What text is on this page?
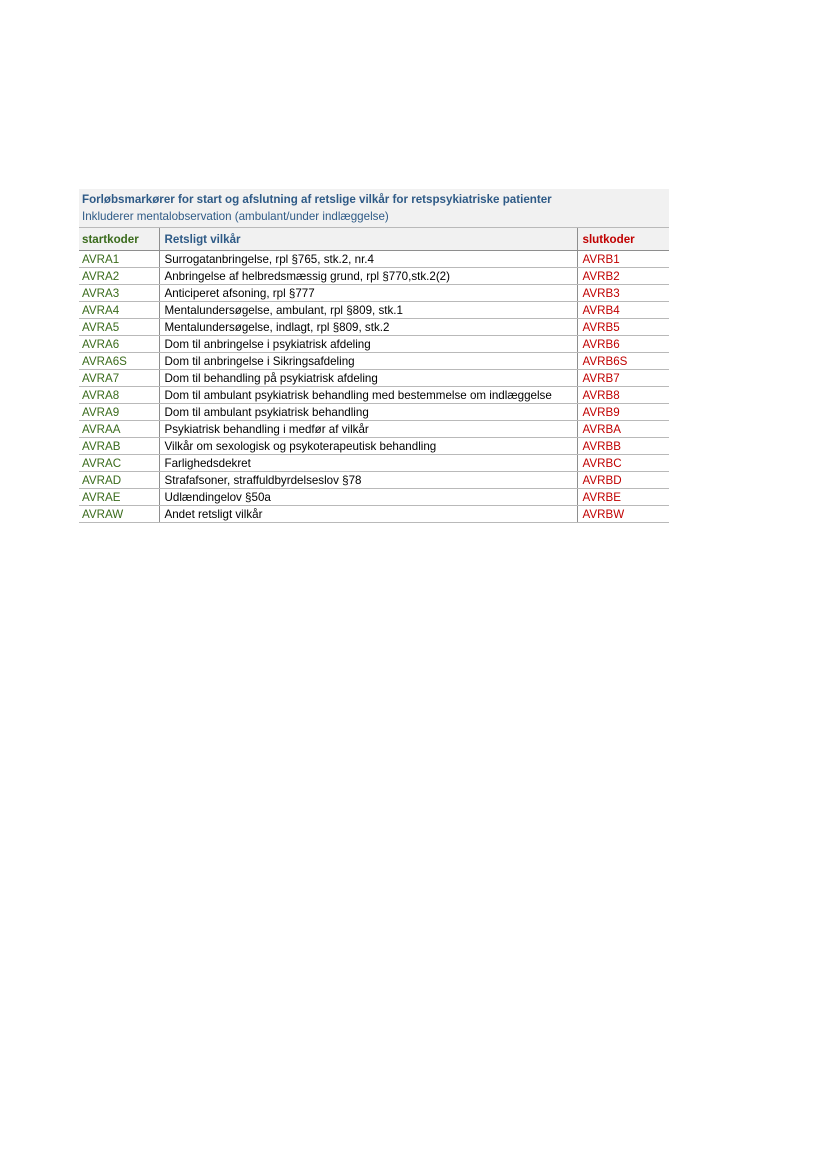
Forløbsmarkører for start og afslutning af retslige vilkår for retspsykiatriske patienter		
Inkluderer mentalobservation (ambulant/under indlæggelse)		
startkoder	Retsligt vilkår	slutkoder
AVRA1	Surrogatanbringelse, rpl §765, stk.2, nr.4	AVRB1
AVRA2	Anbringelse af helbredsmæssig grund, rpl §770,stk.2(2)	AVRB2
AVRA3	Anticiperet afsoning, rpl §777	AVRB3
AVRA4	Mentalundersøgelse, ambulant, rpl §809, stk.1	AVRB4
AVRA5	Mentalundersøgelse, indlagt, rpl §809, stk.2	AVRB5
AVRA6	Dom til anbringelse i psykiatrisk afdeling	AVRB6
AVRA6S	Dom til anbringelse i Sikringsafdeling	AVRB6S
AVRA7	Dom til behandling på psykiatrisk afdeling	AVRB7
AVRA8	Dom til ambulant psykiatrisk behandling med bestemmelse om indlæggelse	AVRB8
AVRA9	Dom til ambulant psykiatrisk behandling	AVRB9
AVRAA	Psykiatrisk behandling i medfør af vilkår	AVRBA
AVRAB	Vilkår om sexologisk og psykoterapeutisk behandling	AVRBB
AVRAC	Farlighedsdekret	AVRBC
AVRAD	Strafafsoner, straffuldbyrdelseslov §78	AVRBD
AVRAE	Udlændingelov §50a	AVRBE
AVRAW	Andet retsligt vilkår	AVRBW
